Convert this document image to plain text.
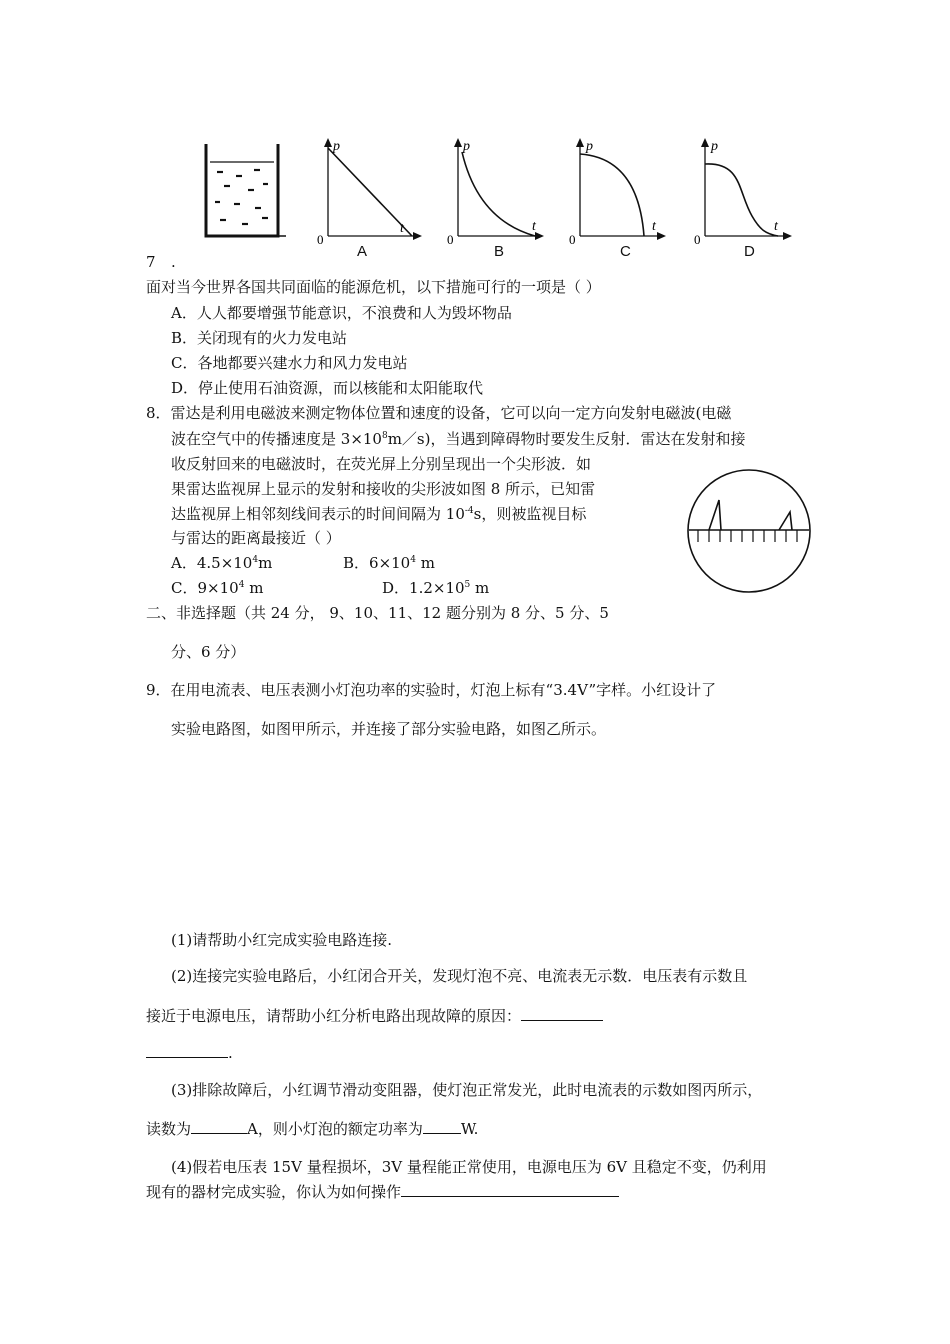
p
t
0
p
t
0
p
t
0
p
t
0
A	B	C	D
7 .
面对当今世界各国共同面临的能源危机，以下措施可行的一项是（ ）
A．人人都要增强节能意识，不浪费和人为毁坏物品
B．关闭现有的火力发电站
C．各地都要兴建水力和风力发电站
D．停止使用石油资源，而以核能和太阳能取代
8．雷达是利用电磁波来测定物体位置和速度的设备，它可以向一定方向发射电磁波(电磁
波在空气中的传播速度是 $3\times 10^8m/s$)，当遇到障碍物时要发生反射．雷达在发射和接
收反射回来的电磁波时，在荧光屏上分别呈现出一个尖形波．如
果雷达监视屏上显示的发射和接收的尖形波如图 8 所示，已知雷
达监视屏上相邻刻线间表示的时间间隔为 $10^{-4}s$，则被监视目标
与雷达的距离最接近（ ）
A．$4.5\times 10^4m$	B．$6\times 10^4$ m
C．$9\times 10^4$ m	D．$1.2\times 10^5$ m
二、非选择题（共 24 分， 9、10、11、12 题分别为 8 分、5 分、5
分、6 分）
9．在用电流表、电压表测小灯泡功率的实验时，灯泡上标有“3.4V”字样。小红设计了
实验电路图，如图甲所示，并连接了部分实验电路，如图乙所示。
(1)请帮助小红完成实验电路连接.
(2)连接完实验电路后，小红闭合开关，发现灯泡不亮、电流表无示数．电压表有示数且
接近于电源电压，请帮助小红分析电路出现故障的原因：
.
(3)排除故障后，小红调节滑动变阻器，使灯泡正常发光，此时电流表的示数如图丙所示，
读数为	A，则小灯泡的额定功率为	W.
(4)假若电压表 15V 量程损坏，3V 量程能正常使用，电源电压为 6V 且稳定不变，仍利用
现有的器材完成实验，你认为如何操作
